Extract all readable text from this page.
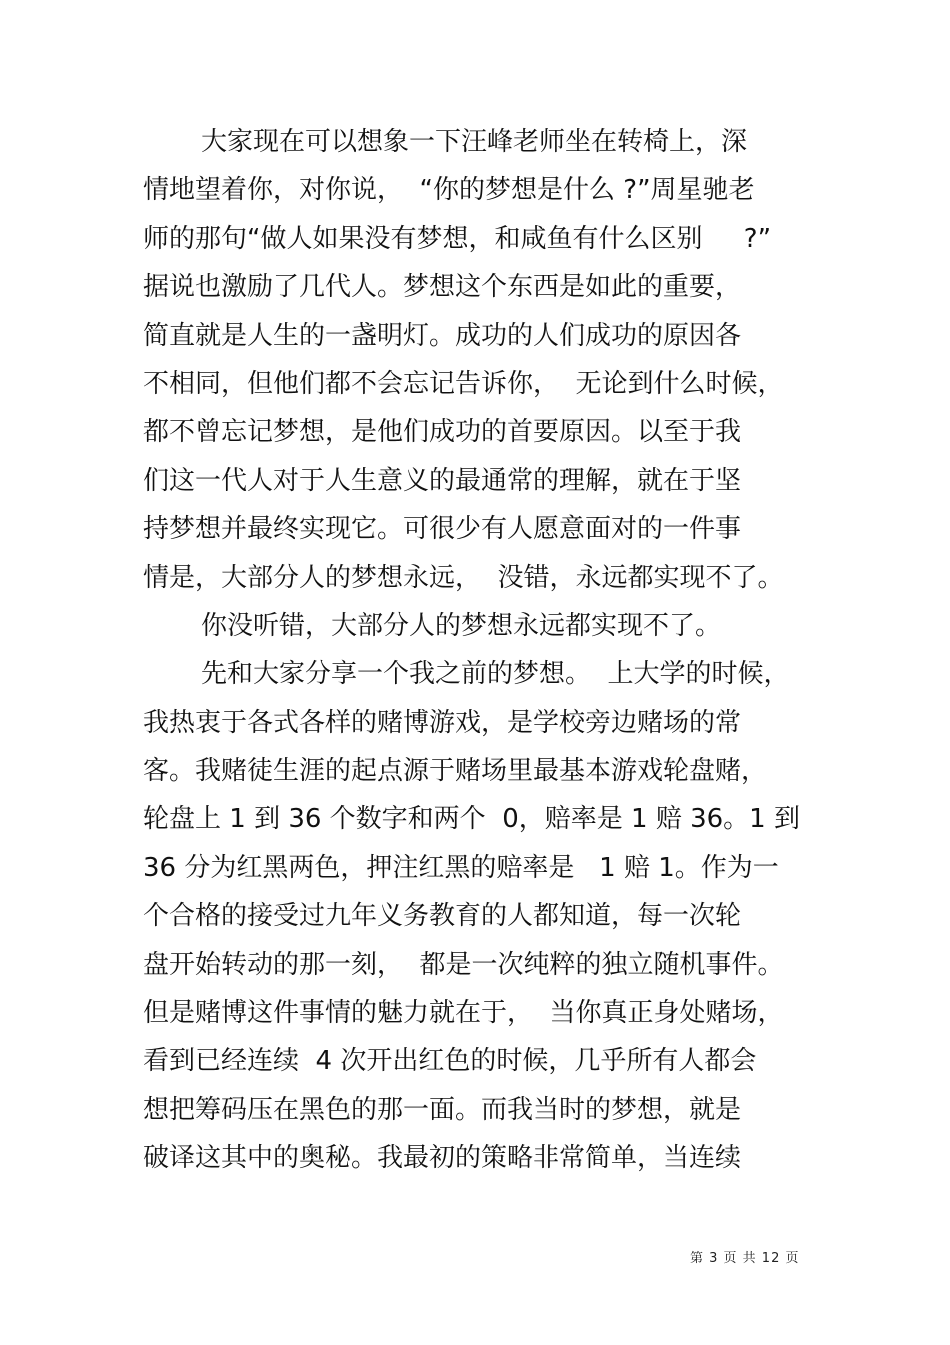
大家现在可以想象一下汪峰老师坐在转椅上，深
情地望着你，对你说，  “你的梦想是什么 ?”周星驰老
师的那句“做人如果没有梦想，和咸鱼有什么区别     ?”
据说也激励了几代人。梦想这个东西是如此的重要，
简直就是人生的一盏明灯。成功的人们成功的原因各
不相同，但他们都不会忘记告诉你，  无论到什么时候，
都不曾忘记梦想，是他们成功的首要原因。以至于我
们这一代人对于人生意义的最通常的理解，就在于坚
持梦想并最终实现它。可很少有人愿意面对的一件事
情是，大部分人的梦想永远，  没错，永远都实现不了。
你没听错，大部分人的梦想永远都实现不了。
先和大家分享一个我之前的梦想。  上大学的时候，
我热衷于各式各样的赌博游戏，是学校旁边赌场的常
客。我赌徒生涯的起点源于赌场里最基本游戏轮盘赌，
轮盘上 1 到 36 个数字和两个  0，赔率是 1 赔 36。1 到
36 分为红黑两色，押注红黑的赔率是   1 赔 1。作为一
个合格的接受过九年义务教育的人都知道，每一次轮
盘开始转动的那一刻，  都是一次纯粹的独立随机事件。
但是赌博这件事情的魅力就在于，  当你真正身处赌场，
看到已经连续  4 次开出红色的时候，几乎所有人都会
想把筹码压在黑色的那一面。而我当时的梦想，就是
破译这其中的奥秘。我最初的策略非常简单，当连续
第 3 页 共 12 页
